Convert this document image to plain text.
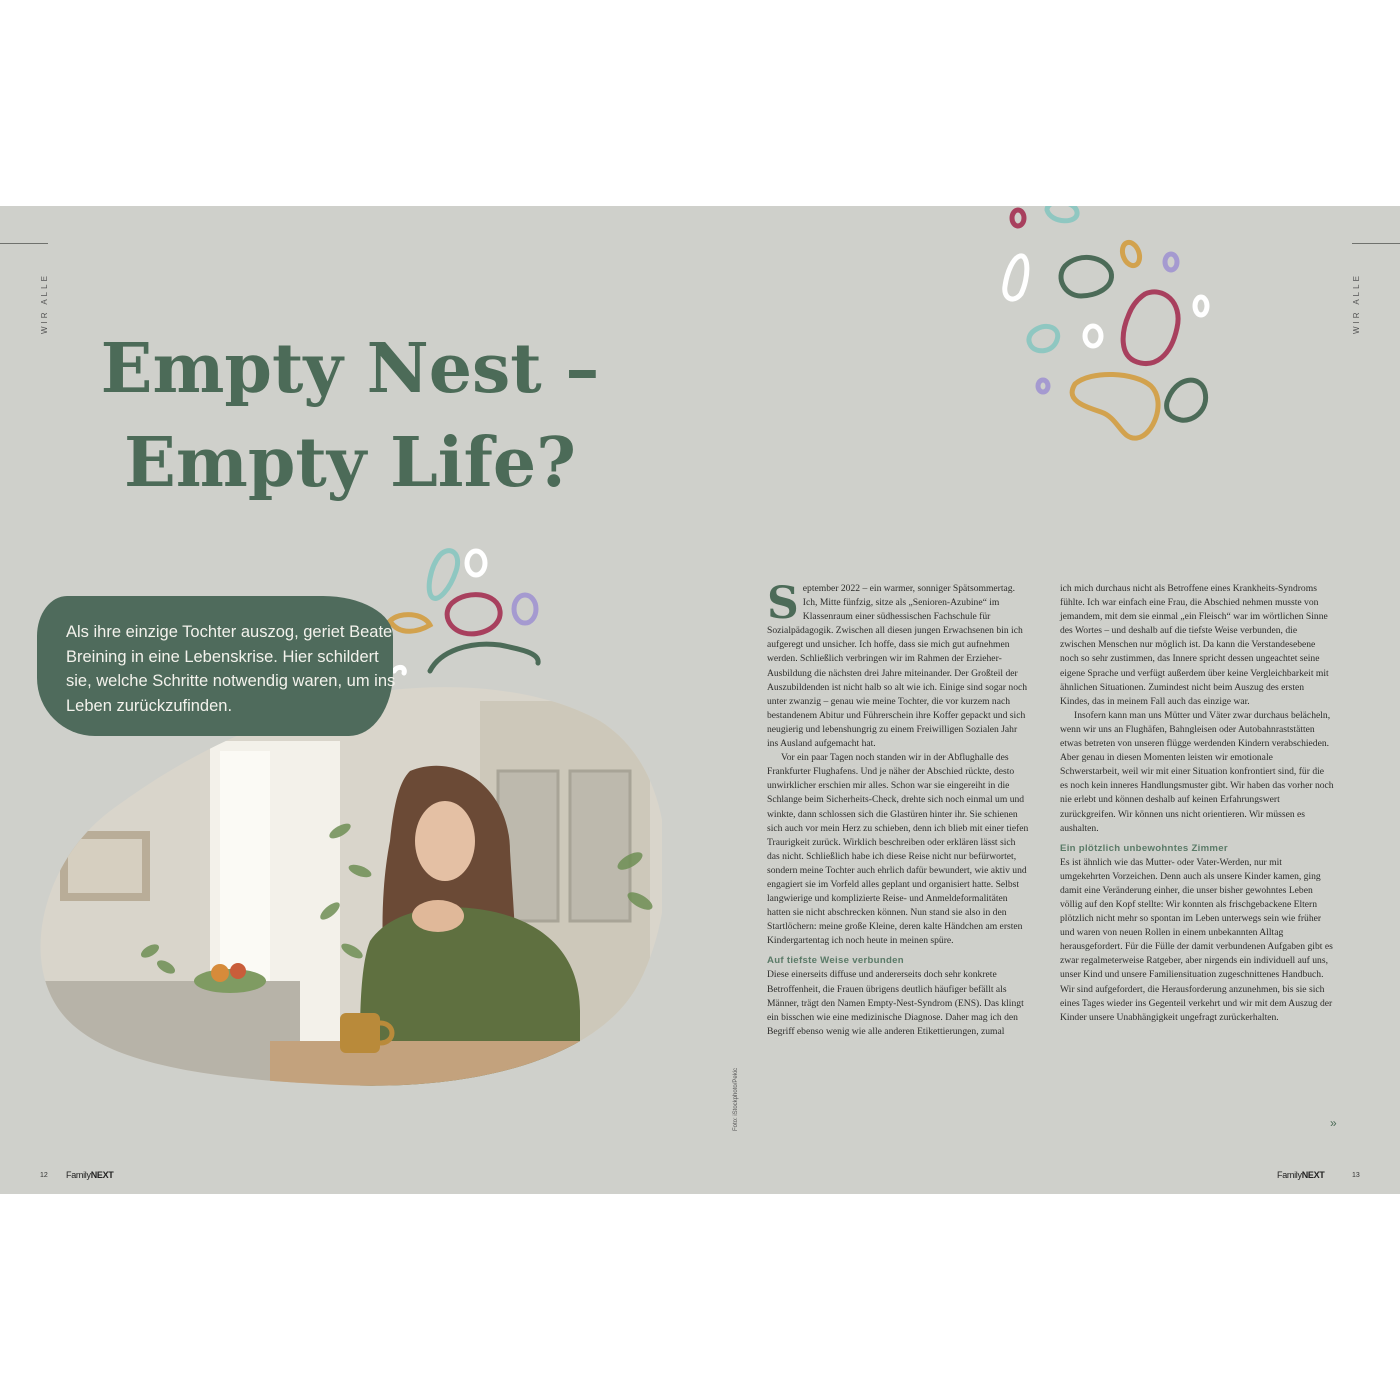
WIR ALLE	WIR ALLE
Empty Nest –
Empty Life?

Als ihre einzige Tochter auszog, geriet Beate Breining in eine Lebenskrise. Hier schildert sie, welche Schritte notwendig waren, um ins Leben zurückzufinden.

Foto: iStockphoto/Pekic

September 2022 – ein warmer, sonniger Spätsommertag. Ich, Mitte fünfzig, sitze als „Senioren-Azubine“ im Klassenraum einer südhessischen Fachschule für Sozialpädagogik. Zwischen all diesen jungen Erwachsenen bin ich aufgeregt und unsicher. Ich hoffe, dass sie mich gut aufnehmen werden. Schließlich verbringen wir im Rahmen der Erzieher-Ausbildung die nächsten drei Jahre miteinander. Der Großteil der Auszubildenden ist nicht halb so alt wie ich. Einige sind sogar noch unter zwanzig – genau wie meine Tochter, die vor kurzem nach bestandenem Abitur und Führerschein ihre Koffer gepackt und sich neugierig und lebenshungrig zu einem Freiwilligen Sozialen Jahr ins Ausland aufgemacht hat.

Vor ein paar Tagen noch standen wir in der Abflughalle des Frankfurter Flughafens. Und je näher der Abschied rückte, desto unwirklicher erschien mir alles. Schon war sie eingereiht in die Schlange beim Sicherheits-Check, drehte sich noch einmal um und winkte, dann schlossen sich die Glastüren hinter ihr. Sie schienen sich auch vor mein Herz zu schieben, denn ich blieb mit einer tiefen Traurigkeit zurück. Wirklich beschreiben oder erklären lässt sich das nicht. Schließlich habe ich diese Reise nicht nur befürwortet, sondern meine Tochter auch ehrlich dafür bewundert, wie aktiv und engagiert sie im Vorfeld alles geplant und organisiert hatte. Selbst langwierige und komplizierte Reise- und Anmeldeformalitäten hatten sie nicht abschrecken können. Nun stand sie also in den Startlöchern: meine große Kleine, deren kalte Händchen am ersten Kindergartentag ich noch heute in meinen spüre.

Auf tiefste Weise verbunden

Diese einerseits diffuse und andererseits doch sehr konkrete Betroffenheit, die Frauen übrigens deutlich häufiger befällt als Männer, trägt den Namen Empty-Nest-Syndrom (ENS). Das klingt ein bisschen wie eine medizinische Diagnose. Daher mag ich den Begriff ebenso wenig wie alle anderen Etikettierungen, zumal

ich mich durchaus nicht als Betroffene eines Krankheits-Syndroms fühlte. Ich war einfach eine Frau, die Abschied nehmen musste von jemandem, mit dem sie einmal „ein Fleisch“ war im wörtlichen Sinne des Wortes – und deshalb auf die tiefste Weise verbunden, die zwischen Menschen nur möglich ist. Da kann die Verstandesebene noch so sehr zustimmen, das Innere spricht dessen ungeachtet seine eigene Sprache und verfügt außerdem über keine Vergleichbarkeit mit ähnlichen Situationen. Zumindest nicht beim Auszug des ersten Kindes, das in meinem Fall auch das einzige war.

Insofern kann man uns Mütter und Väter zwar durchaus belächeln, wenn wir uns an Flughäfen, Bahngleisen oder Autobahnraststätten etwas betreten von unseren flügge werdenden Kindern verabschieden. Aber genau in diesen Momenten leisten wir emotionale Schwerstarbeit, weil wir mit einer Situation konfrontiert sind, für die es noch kein inneres Handlungsmuster gibt. Wir haben das vorher noch nie erlebt und können deshalb auf keinen Erfahrungswert zurückgreifen. Wir können uns nicht orientieren. Wir müssen es aushalten.

Ein plötzlich unbewohntes Zimmer

Es ist ähnlich wie das Mutter- oder Vater-Werden, nur mit umgekehrten Vorzeichen. Denn auch als unsere Kinder kamen, ging damit eine Veränderung einher, die unser bisher gewohntes Leben völlig auf den Kopf stellte: Wir konnten als frischgebackene Eltern plötzlich nicht mehr so spontan im Leben unterwegs sein wie früher und waren von neuen Rollen in einem unbekannten Alltag herausgefordert. Für die Fülle der damit verbundenen Aufgaben gibt es zwar regalmeterweise Ratgeber, aber nirgends ein individuell auf uns, unser Kind und unsere Familiensituation zugeschnittenes Handbuch. Wir sind aufgefordert, die Herausforderung anzunehmen, bis sie sich eines Tages wieder ins Gegenteil verkehrt und wir mit dem Auszug der Kinder unsere Unabhängigkeit ungefragt zurückerhalten.

»
12 FamilyNEXT	FamilyNEXT	13
